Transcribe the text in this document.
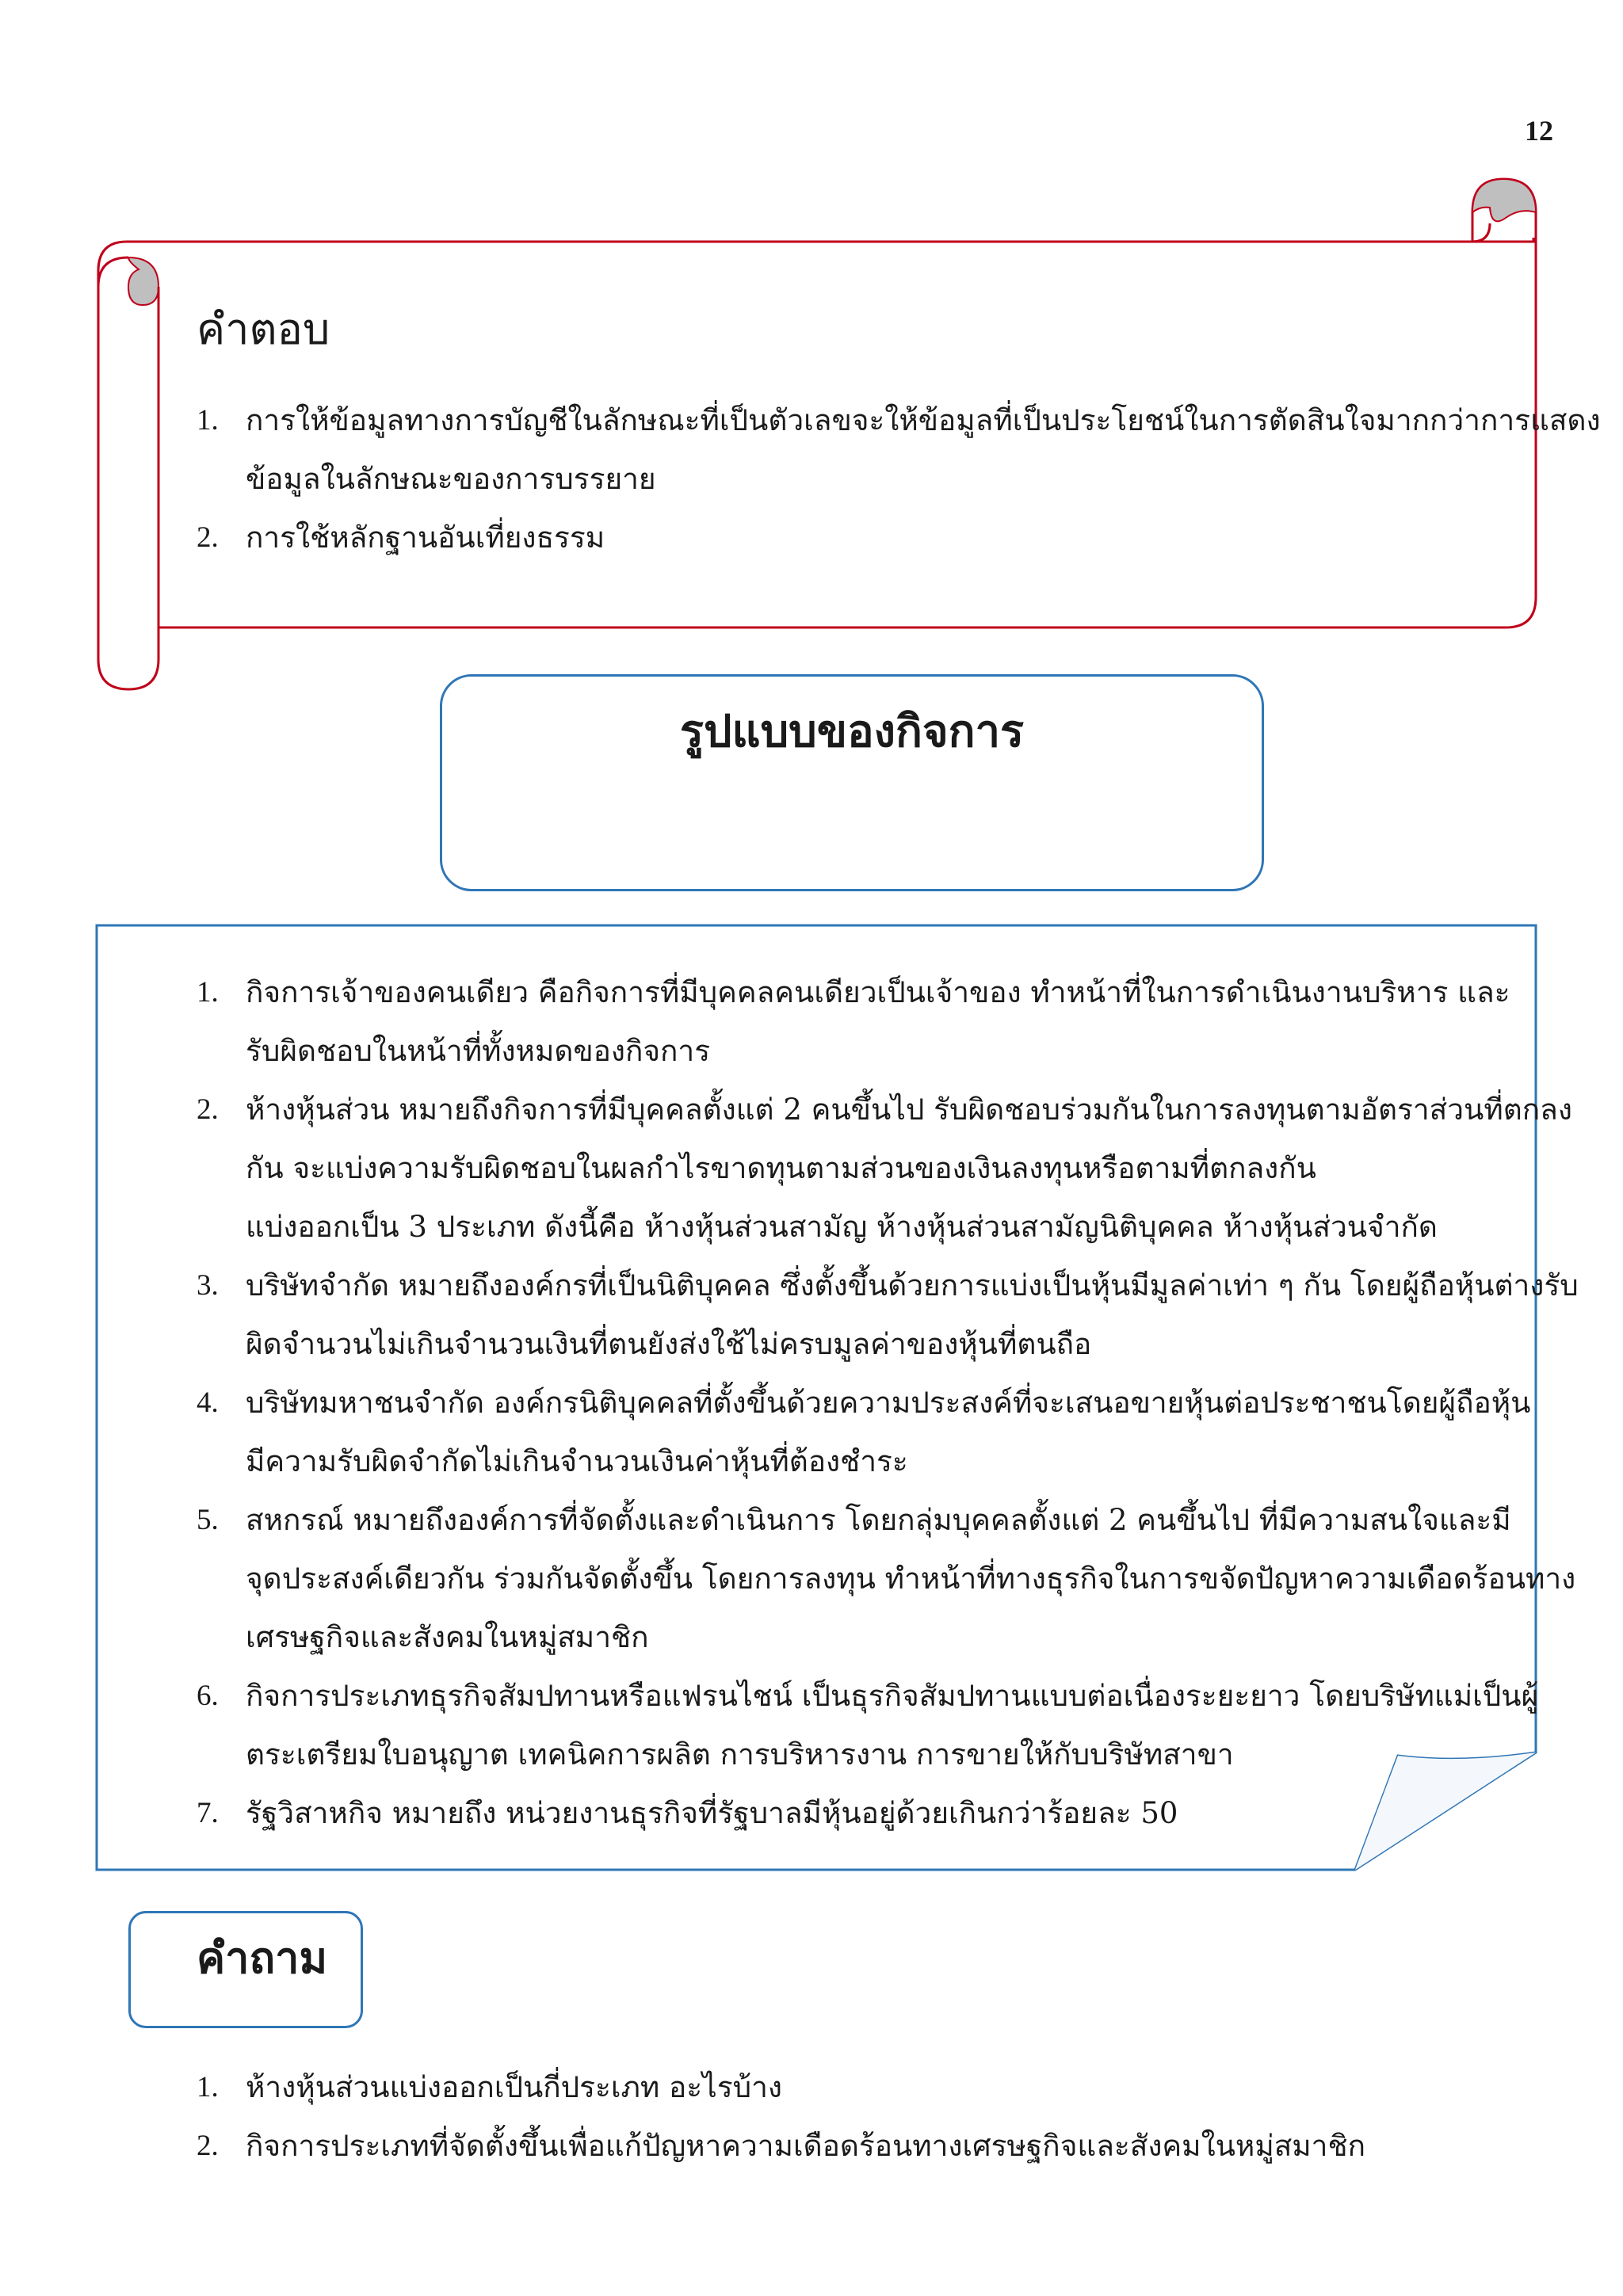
12
คำตอบ
1. การให้ข้อมูลทางการบัญชีในลักษณะที่เป็นตัวเลขจะให้ข้อมูลที่เป็นประโยชน์ในการตัดสินใจมากกว่าการแสดง
ข้อมูลในลักษณะของการบรรยาย
2. การใช้หลักฐานอันเที่ยงธรรม
รูปแบบของกิจการ
1. กิจการเจ้าของคนเดียว คือกิจการที่มีบุคคลคนเดียวเป็นเจ้าของ ทำหน้าที่ในการดำเนินงานบริหาร และ
รับผิดชอบในหน้าที่ทั้งหมดของกิจการ
2. ห้างหุ้นส่วน หมายถึงกิจการที่มีบุคคลตั้งแต่ 2 คนขึ้นไป รับผิดชอบร่วมกันในการลงทุนตามอัตราส่วนที่ตกลง
กัน จะแบ่งความรับผิดชอบในผลกำไรขาดทุนตามส่วนของเงินลงทุนหรือตามที่ตกลงกัน
แบ่งออกเป็น 3 ประเภท ดังนี้คือ ห้างหุ้นส่วนสามัญ ห้างหุ้นส่วนสามัญนิติบุคคล ห้างหุ้นส่วนจำกัด
3. บริษัทจำกัด หมายถึงองค์กรที่เป็นนิติบุคคล ซึ่งตั้งขึ้นด้วยการแบ่งเป็นหุ้นมีมูลค่าเท่า ๆ กัน โดยผู้ถือหุ้นต่างรับ
ผิดจำนวนไม่เกินจำนวนเงินที่ตนยังส่งใช้ไม่ครบมูลค่าของหุ้นที่ตนถือ
4. บริษัทมหาชนจำกัด องค์กรนิติบุคคลที่ตั้งขึ้นด้วยความประสงค์ที่จะเสนอขายหุ้นต่อประชาชนโดยผู้ถือหุ้น
มีความรับผิดจำกัดไม่เกินจำนวนเงินค่าหุ้นที่ต้องชำระ
5. สหกรณ์ หมายถึงองค์การที่จัดตั้งและดำเนินการ โดยกลุ่มบุคคลตั้งแต่ 2 คนขึ้นไป ที่มีความสนใจและมี
จุดประสงค์เดียวกัน ร่วมกันจัดตั้งขึ้น โดยการลงทุน ทำหน้าที่ทางธุรกิจในการขจัดปัญหาความเดือดร้อนทาง
เศรษฐกิจและสังคมในหมู่สมาชิก
6. กิจการประเภทธุรกิจสัมปทานหรือแฟรนไชน์ เป็นธุรกิจสัมปทานแบบต่อเนื่องระยะยาว โดยบริษัทแม่เป็นผู้
ตระเตรียมใบอนุญาต เทคนิคการผลิต การบริหารงาน การขายให้กับบริษัทสาขา
7. รัฐวิสาหกิจ หมายถึง หน่วยงานธุรกิจที่รัฐบาลมีหุ้นอยู่ด้วยเกินกว่าร้อยละ 50
คำถาม
1. ห้างหุ้นส่วนแบ่งออกเป็นกี่ประเภท อะไรบ้าง
2. กิจการประเภทที่จัดตั้งขึ้นเพื่อแก้ปัญหาความเดือดร้อนทางเศรษฐกิจและสังคมในหมู่สมาชิก
